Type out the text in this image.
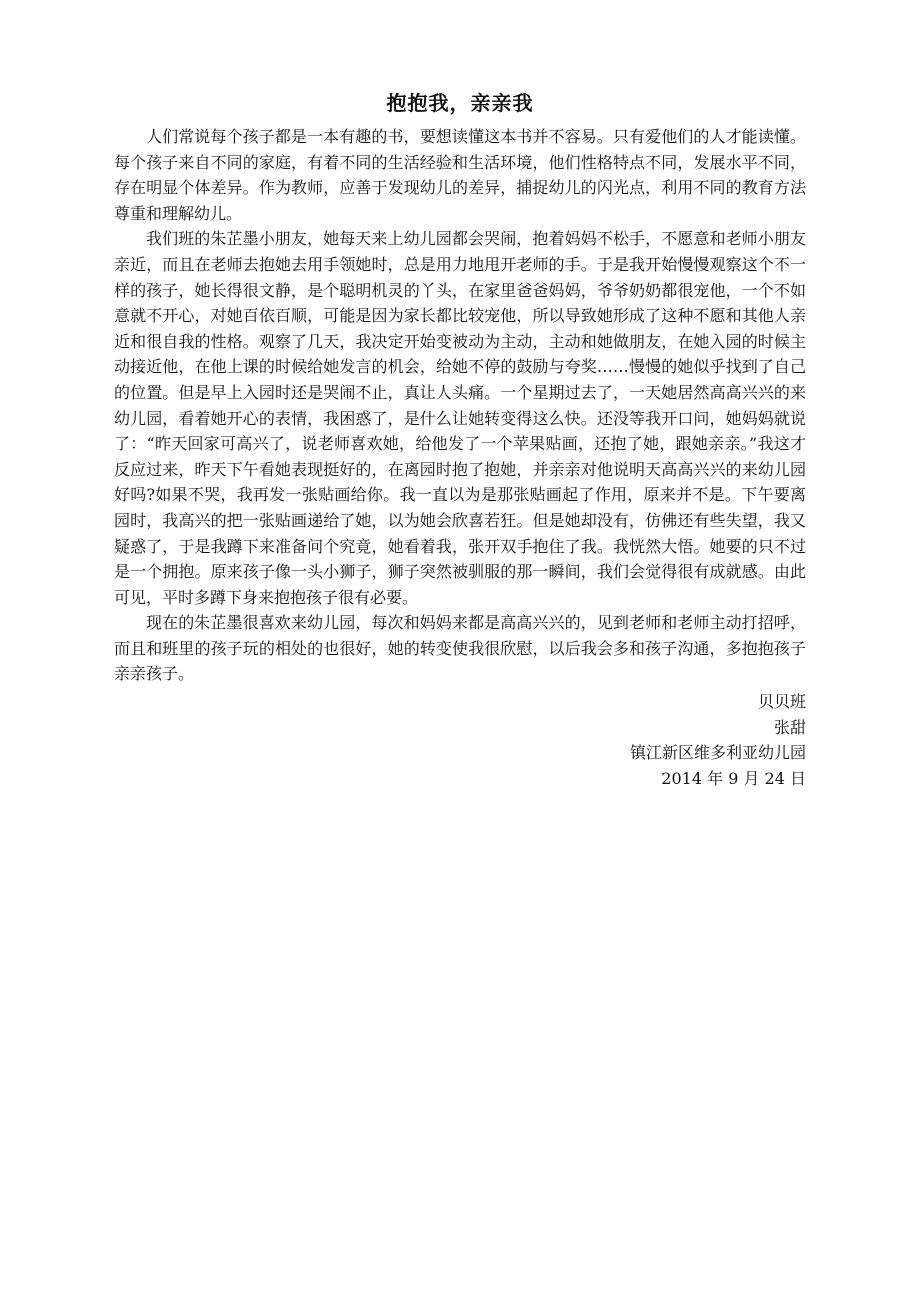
抱抱我，亲亲我

人们常说每个孩子都是一本有趣的书，要想读懂这本书并不容易。只有爱他们的人才能读懂。每个孩子来自不同的家庭，有着不同的生活经验和生活环境，他们性格特点不同，发展水平不同，存在明显个体差异。作为教师，应善于发现幼儿的差异，捕捉幼儿的闪光点，利用不同的教育方法尊重和理解幼儿。

我们班的朱芷墨小朋友，她每天来上幼儿园都会哭闹，抱着妈妈不松手，不愿意和老师小朋友亲近，而且在老师去抱她去用手领她时，总是用力地甩开老师的手。于是我开始慢慢观察这个不一样的孩子，她长得很文静，是个聪明机灵的丫头，在家里爸爸妈妈，爷爷奶奶都很宠他，一个不如意就不开心，对她百依百顺，可能是因为家长都比较宠他，所以导致她形成了这种不愿和其他人亲近和很自我的性格。观察了几天，我决定开始变被动为主动，主动和她做朋友，在她入园的时候主动接近他，在他上课的时候给她发言的机会，给她不停的鼓励与夸奖……慢慢的她似乎找到了自己的位置。但是早上入园时还是哭闹不止，真让人头痛。一个星期过去了，一天她居然高高兴兴的来幼儿园，看着她开心的表情，我困惑了，是什么让她转变得这么快。还没等我开口问，她妈妈就说了：“昨天回家可高兴了，说老师喜欢她，给他发了一个苹果贴画，还抱了她，跟她亲亲。”我这才反应过来，昨天下午看她表现挺好的，在离园时抱了抱她，并亲亲对他说明天高高兴兴的来幼儿园好吗?如果不哭，我再发一张贴画给你。我一直以为是那张贴画起了作用，原来并不是。下午要离园时，我高兴的把一张贴画递给了她，以为她会欣喜若狂。但是她却没有，仿佛还有些失望，我又疑惑了，于是我蹲下来准备问个究竟，她看着我，张开双手抱住了我。我恍然大悟。她要的只不过是一个拥抱。原来孩子像一头小狮子，狮子突然被驯服的那一瞬间，我们会觉得很有成就感。由此可见，平时多蹲下身来抱抱孩子很有必要。

现在的朱芷墨很喜欢来幼儿园，每次和妈妈来都是高高兴兴的，见到老师和老师主动打招呼，而且和班里的孩子玩的相处的也很好，她的转变使我很欣慰，以后我会多和孩子沟通，多抱抱孩子亲亲孩子。

贝贝班
张甜
镇江新区维多利亚幼儿园
2014 年 9 月 24 日
